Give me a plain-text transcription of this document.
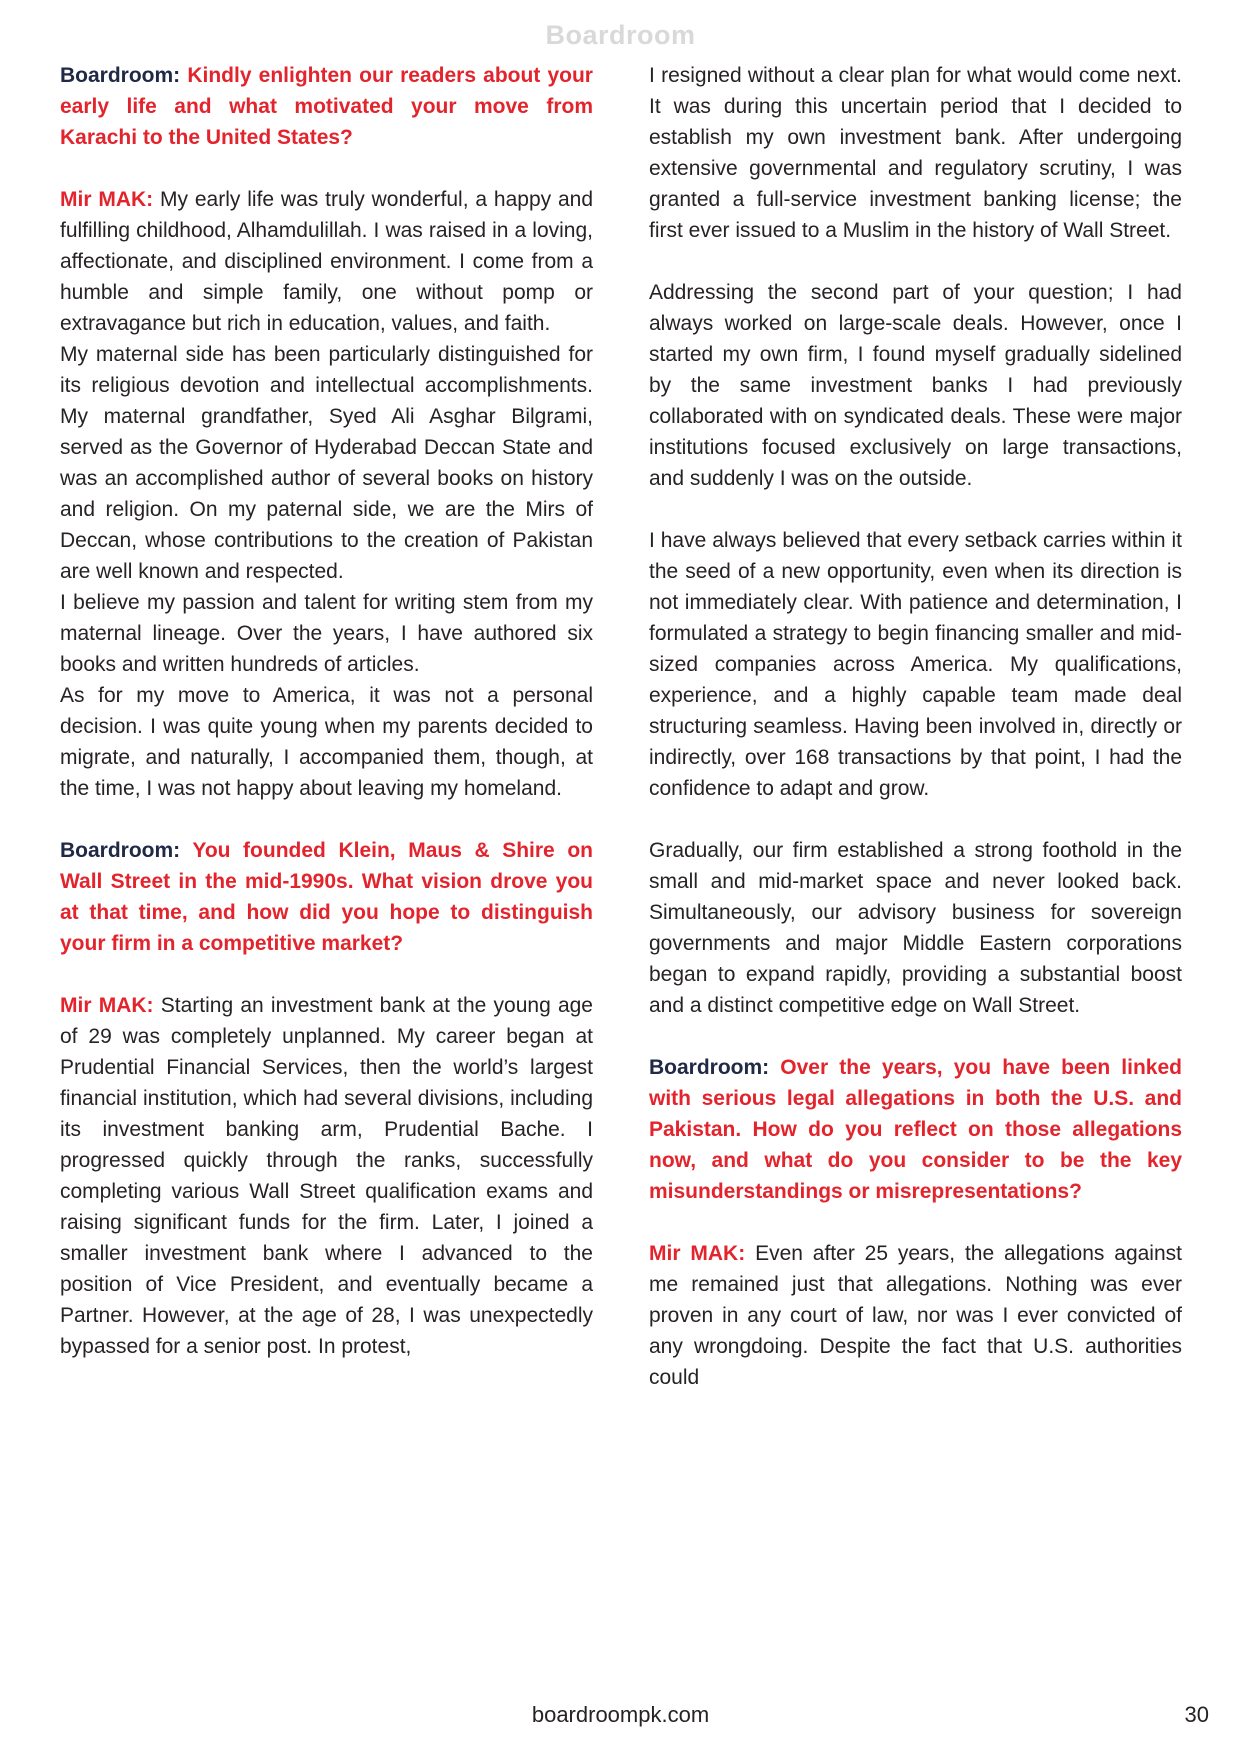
Boardroom

Boardroom: Kindly enlighten our readers about your early life and what motivated your move from Karachi to the United States?

Mir MAK: My early life was truly wonderful, a happy and fulfilling childhood, Alhamdulillah. I was raised in a loving, affectionate, and disciplined environment. I come from a humble and simple family, one without pomp or extravagance but rich in education, values, and faith.

My maternal side has been particularly distinguished for its religious devotion and intellectual accomplishments. My maternal grandfather, Syed Ali Asghar Bilgrami, served as the Governor of Hyderabad Deccan State and was an accomplished author of several books on history and religion. On my paternal side, we are the Mirs of Deccan, whose contributions to the creation of Pakistan are well known and respected.

I believe my passion and talent for writing stem from my maternal lineage. Over the years, I have authored six books and written hundreds of articles.

As for my move to America, it was not a personal decision. I was quite young when my parents decided to migrate, and naturally, I accompanied them, though, at the time, I was not happy about leaving my homeland.

Boardroom: You founded Klein, Maus & Shire on Wall Street in the mid-1990s. What vision drove you at that time, and how did you hope to distinguish your firm in a competitive market?

Mir MAK: Starting an investment bank at the young age of 29 was completely unplanned. My career began at Prudential Financial Services, then the world’s largest financial institution, which had several divisions, including its investment banking arm, Prudential Bache. I progressed quickly through the ranks, successfully completing various Wall Street qualification exams and raising significant funds for the firm. Later, I joined a smaller investment bank where I advanced to the position of Vice President, and eventually became a Partner. However, at the age of 28, I was unexpectedly bypassed for a senior post. In protest,

I resigned without a clear plan for what would come next. It was during this uncertain period that I decided to establish my own investment bank. After undergoing extensive governmental and regulatory scrutiny, I was granted a full-service investment banking license; the first ever issued to a Muslim in the history of Wall Street.

Addressing the second part of your question; I had always worked on large-scale deals. However, once I started my own firm, I found myself gradually sidelined by the same investment banks I had previously collaborated with on syndicated deals. These were major institutions focused exclusively on large transactions, and suddenly I was on the outside.

I have always believed that every setback carries within it the seed of a new opportunity, even when its direction is not immediately clear. With patience and determination, I formulated a strategy to begin financing smaller and mid-sized companies across America. My qualifications, experience, and a highly capable team made deal structuring seamless. Having been involved in, directly or indirectly, over 168 transactions by that point, I had the confidence to adapt and grow.

Gradually, our firm established a strong foothold in the small and mid-market space and never looked back. Simultaneously, our advisory business for sovereign governments and major Middle Eastern corporations began to expand rapidly, providing a substantial boost and a distinct competitive edge on Wall Street.

Boardroom: Over the years, you have been linked with serious legal allegations in both the U.S. and Pakistan. How do you reflect on those allegations now, and what do you consider to be the key misunderstandings or misrepresentations?

Mir MAK: Even after 25 years, the allegations against me remained just that allegations. Nothing was ever proven in any court of law, nor was I ever convicted of any wrongdoing. Despite the fact that U.S. authorities could

boardroompk.com	30
